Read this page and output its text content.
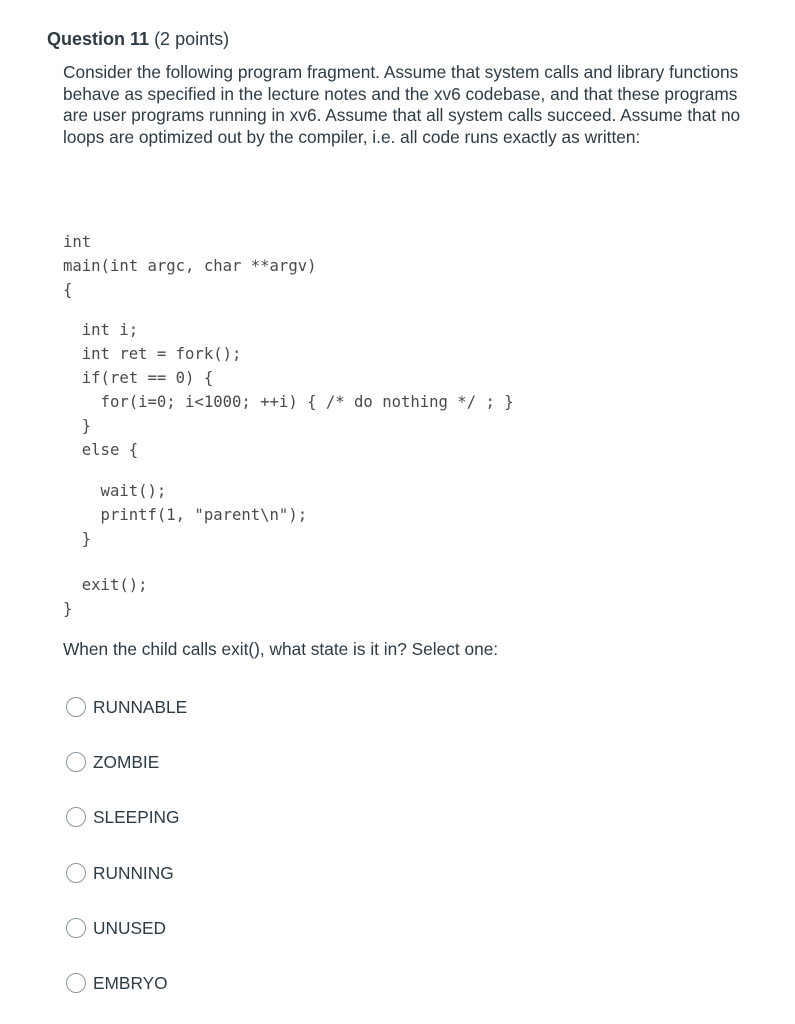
Question 11 (2 points)
Consider the following program fragment. Assume that system calls and library functions behave as specified in the lecture notes and the xv6 codebase, and that these programs are user programs running in xv6. Assume that all system calls succeed. Assume that no loops are optimized out by the compiler, i.e. all code runs exactly as written:

int

main(int argc, char **argv)

{

int i;

int ret = fork();

if(ret == 0) {

for(i=0; i<1000; ++i) { /* do nothing */ ; }

}

else {

wait();

printf(1, "parent\n");

}

exit();

}

When the child calls exit(), what state is it in? Select one:
RUNNABLE
ZOMBIE
SLEEPING
RUNNING
UNUSED
EMBRYO
